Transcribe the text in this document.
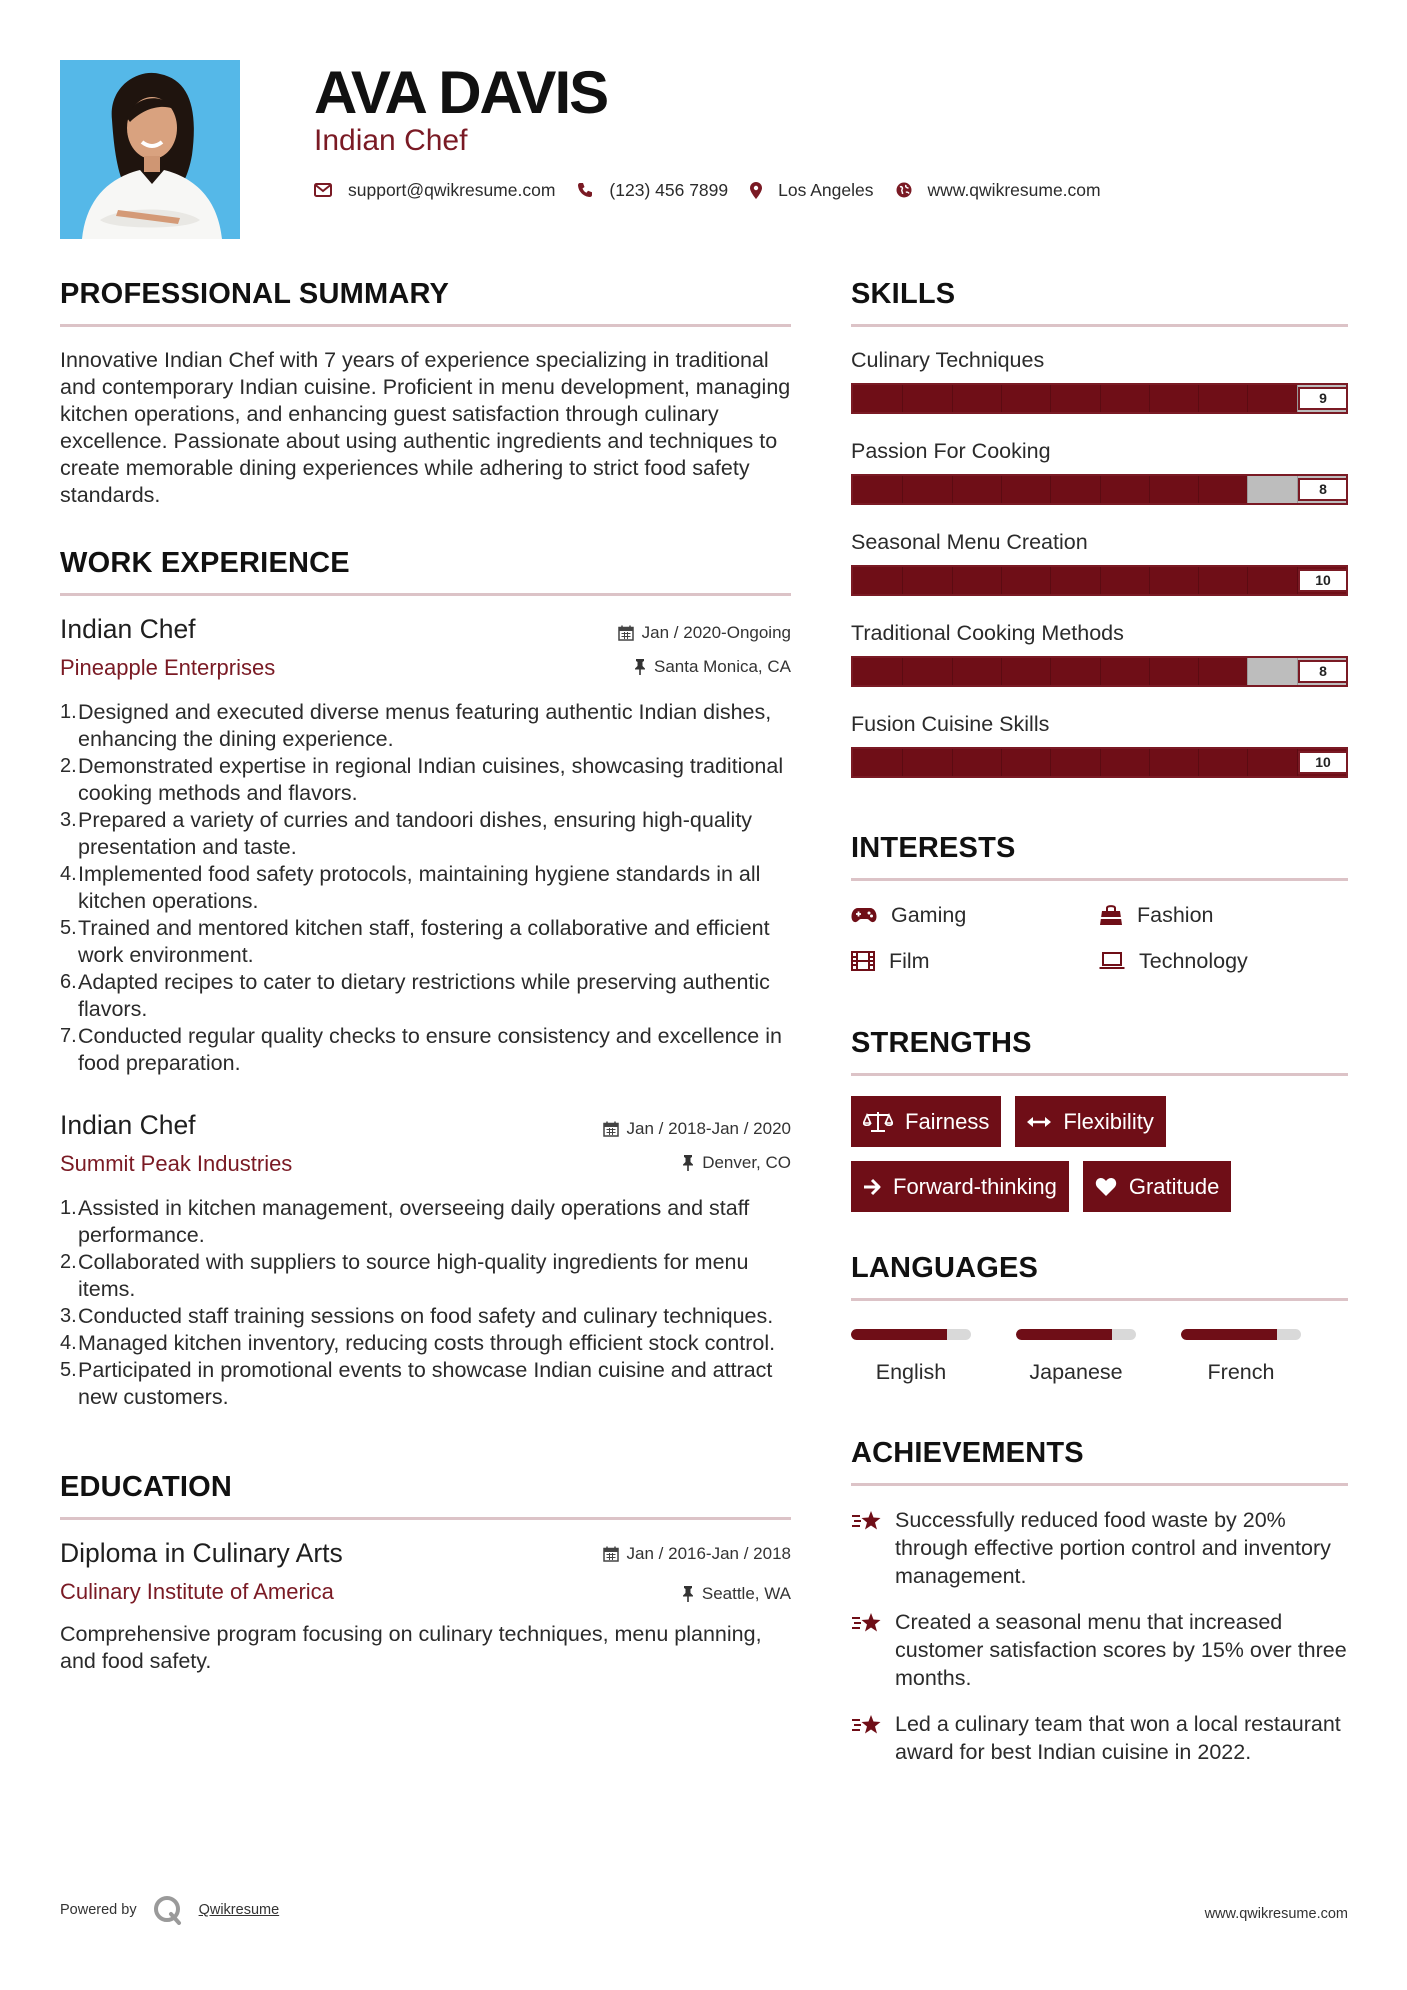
AVA DAVIS
Indian Chef
support@qwikresume.com	(123) 456 7899	Los Angeles	www.qwikresume.com
PROFESSIONAL SUMMARY
Innovative Indian Chef with 7 years of experience specializing in traditional and contemporary Indian cuisine. Proficient in menu development, managing kitchen operations, and enhancing guest satisfaction through culinary excellence. Passionate about using authentic ingredients and techniques to create memorable dining experiences while adhering to strict food safety standards.
WORK EXPERIENCE
Jan / 2020-Ongoing
Santa Monica, CA
Indian Chef
Pineapple Enterprises
1. Designed and executed diverse menus featuring authentic Indian dishes, enhancing the dining experience.
2. Demonstrated expertise in regional Indian cuisines, showcasing traditional cooking methods and flavors.
3. Prepared a variety of curries and tandoori dishes, ensuring high-quality presentation and taste.
4. Implemented food safety protocols, maintaining hygiene standards in all kitchen operations.
5. Trained and mentored kitchen staff, fostering a collaborative and efficient work environment.
6. Adapted recipes to cater to dietary restrictions while preserving authentic flavors.
7. Conducted regular quality checks to ensure consistency and excellence in food preparation.
Jan / 2018-Jan / 2020
Denver, CO
Indian Chef
Summit Peak Industries
1. Assisted in kitchen management, overseeing daily operations and staff performance.
2. Collaborated with suppliers to source high-quality ingredients for menu items.
3. Conducted staff training sessions on food safety and culinary techniques.
4. Managed kitchen inventory, reducing costs through efficient stock control.
5. Participated in promotional events to showcase Indian cuisine and attract new customers.
EDUCATION
Jan / 2016-Jan / 2018
Seattle, WA
Diploma in Culinary Arts
Culinary Institute of America
Comprehensive program focusing on culinary techniques, menu planning, and food safety.
SKILLS
Culinary Techniques
9
Passion For Cooking
8
Seasonal Menu Creation
10
Traditional Cooking Methods
8
Fusion Cuisine Skills
10
INTERESTS
Gaming	Fashion
Film	Technology
STRENGTHS
Fairness	Flexibility
Forward-thinking	Gratitude
LANGUAGES
English	Japanese	French
ACHIEVEMENTS
Successfully reduced food waste by 20% through effective portion control and inventory management.
Created a seasonal menu that increased customer satisfaction scores by 15% over three months.
Led a culinary team that won a local restaurant award for best Indian cuisine in 2022.
Powered by	Qwikresume	www.qwikresume.com
